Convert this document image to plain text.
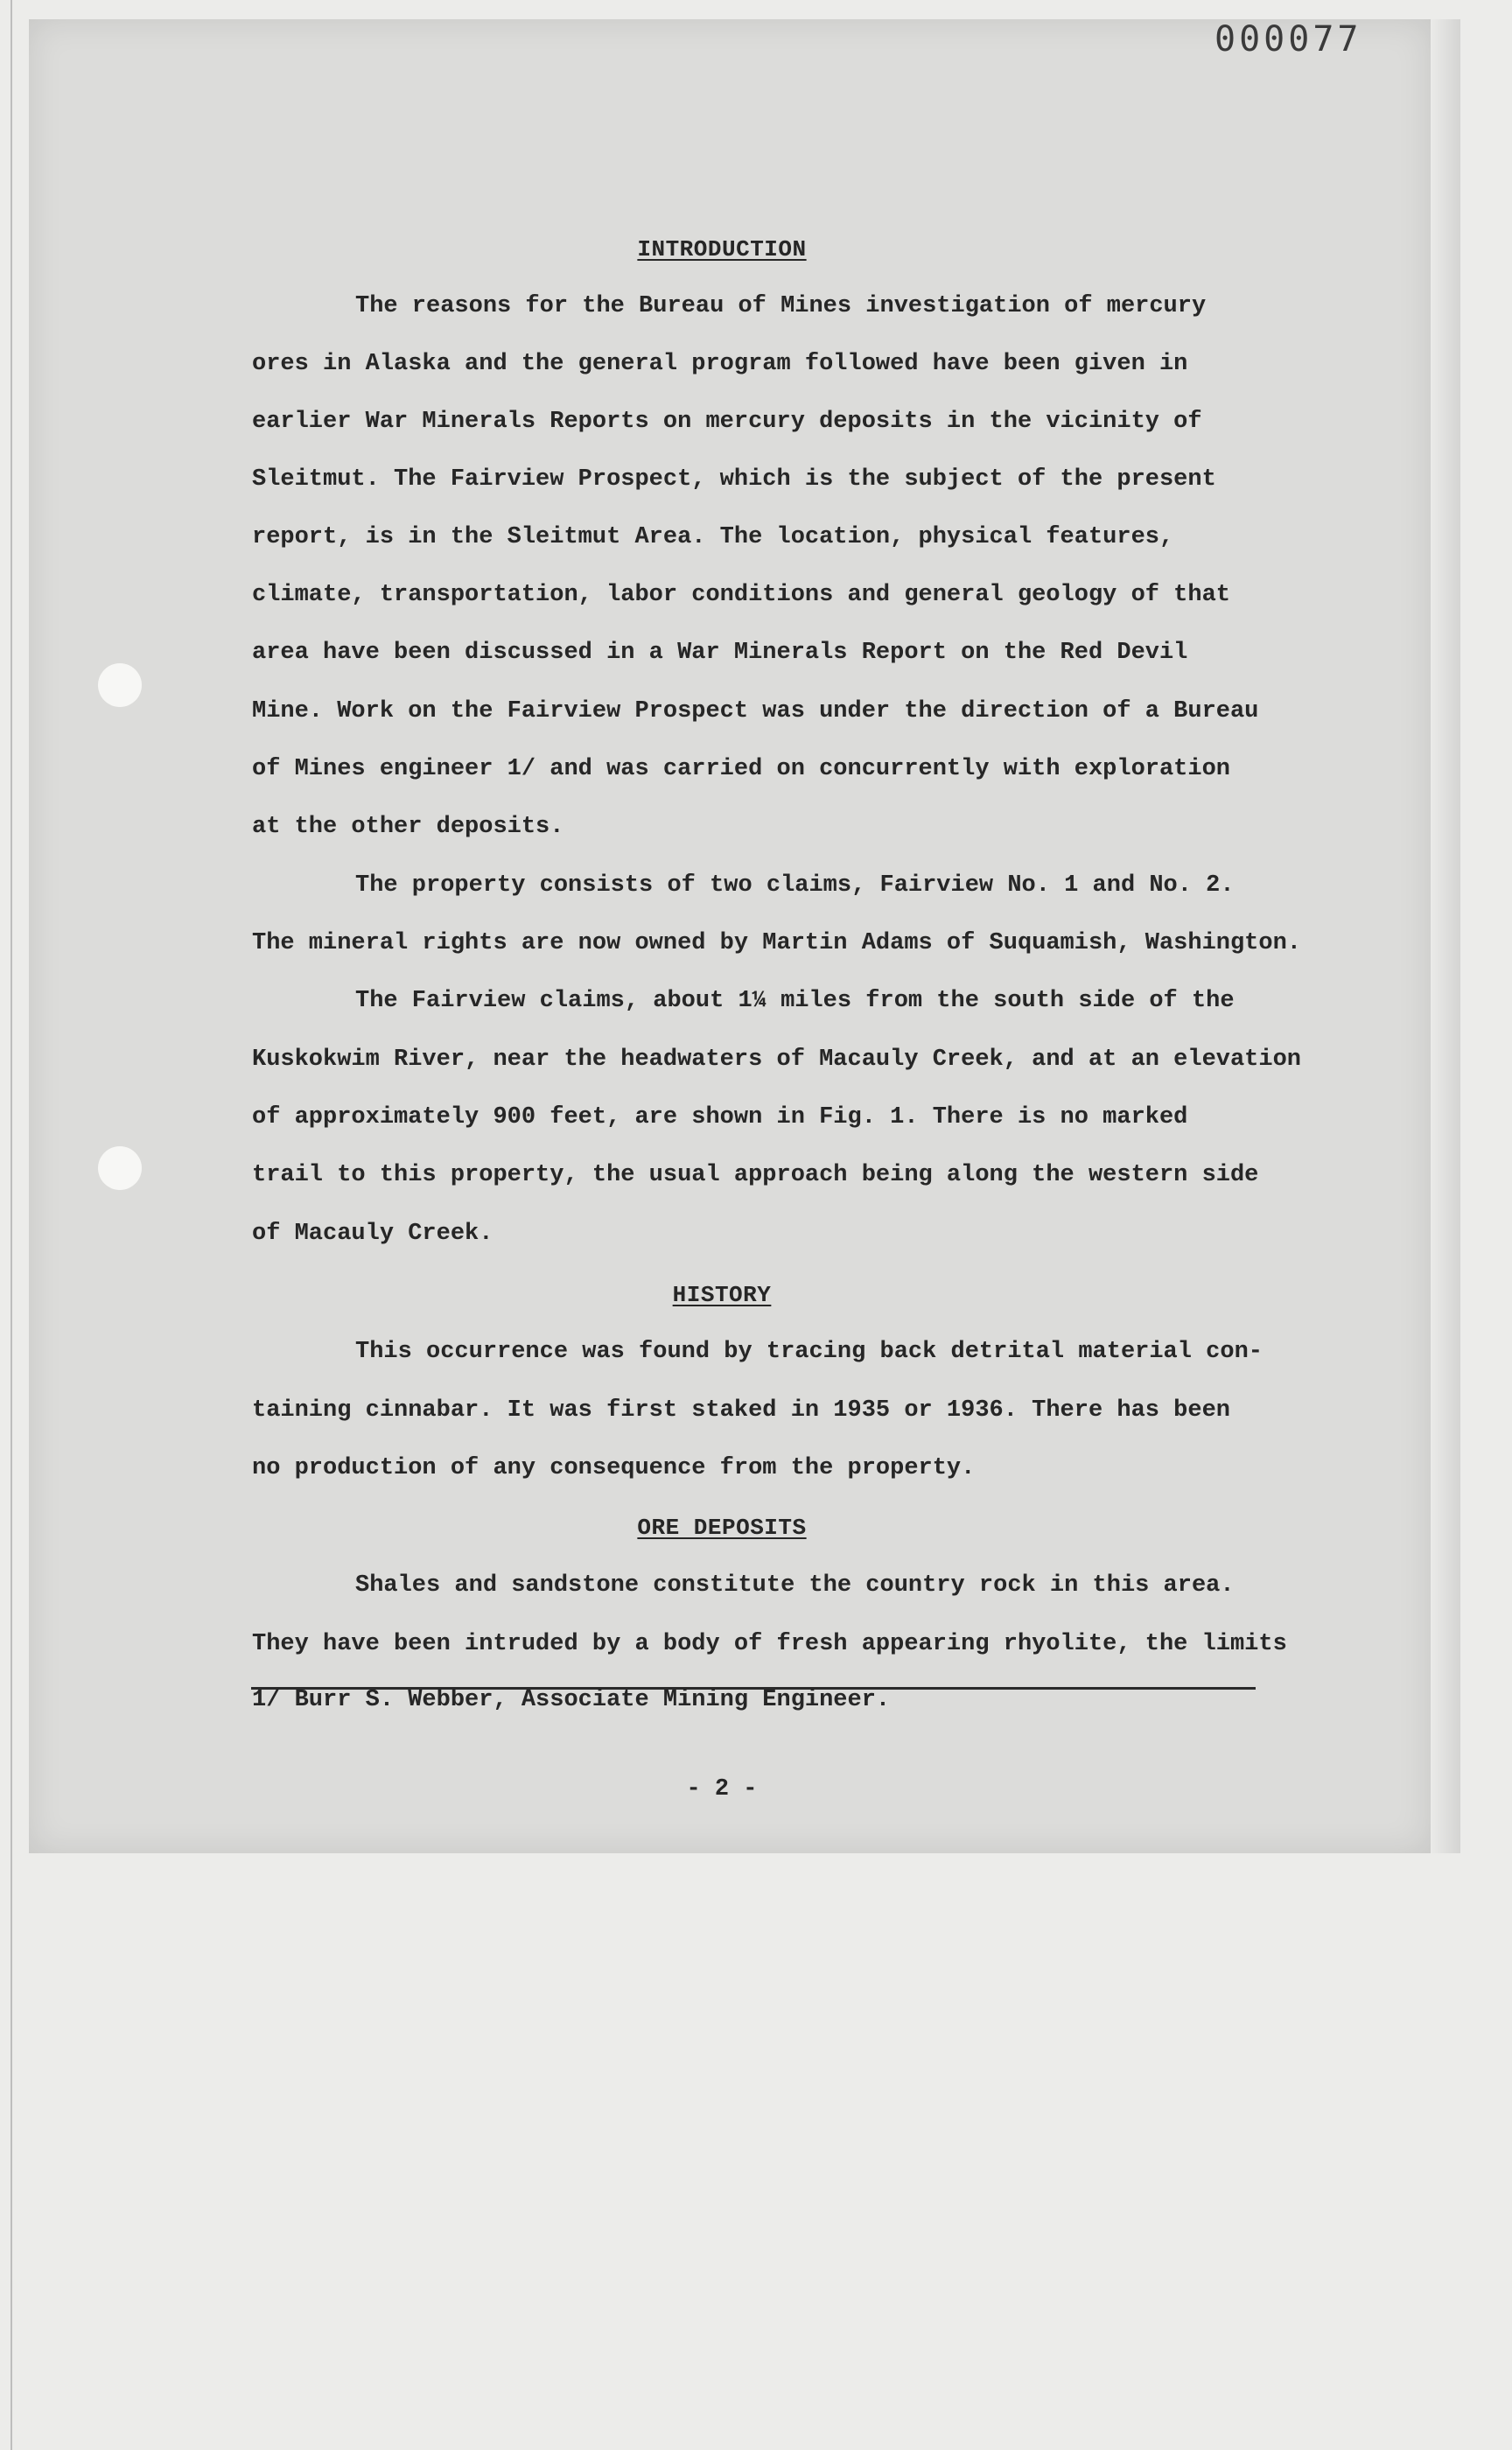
000077
INTRODUCTION
The reasons for the Bureau of Mines investigation of mercury
ores in Alaska and the general program followed have been given in
earlier War Minerals Reports on mercury deposits in the vicinity of
Sleitmut. The Fairview Prospect, which is the subject of the present
report, is in the Sleitmut Area. The location, physical features,
climate, transportation, labor conditions and general geology of that
area have been discussed in a War Minerals Report on the Red Devil
Mine. Work on the Fairview Prospect was under the direction of a Bureau
of Mines engineer 1/ and was carried on concurrently with exploration
at the other deposits.
The property consists of two claims, Fairview No. 1 and No. 2.
The mineral rights are now owned by Martin Adams of Suquamish, Washington.
The Fairview claims, about 1¼ miles from the south side of the
Kuskokwim River, near the headwaters of Macauly Creek, and at an elevation
of approximately 900 feet, are shown in Fig. 1. There is no marked
trail to this property, the usual approach being along the western side
of Macauly Creek.
HISTORY
This occurrence was found by tracing back detrital material con-
taining cinnabar. It was first staked in 1935 or 1936. There has been
no production of any consequence from the property.
ORE DEPOSITS
Shales and sandstone constitute the country rock in this area.
They have been intruded by a body of fresh appearing rhyolite, the limits
1/ Burr S. Webber, Associate Mining Engineer.
- 2 -
